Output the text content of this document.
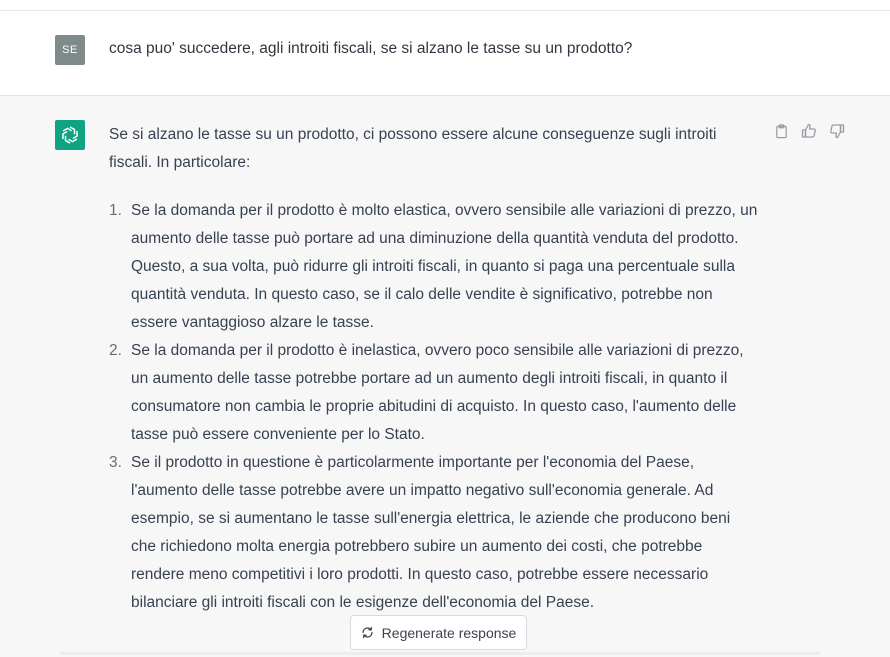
SE	cosa puo' succedere, agli introiti fiscali, se si alzano le tasse su un prodotto?

Se si alzano le tasse su un prodotto, ci possono essere alcune conseguenze sugli introiti fiscali. In particolare:

1. Se la domanda per il prodotto è molto elastica, ovvero sensibile alle variazioni di prezzo, un aumento delle tasse può portare ad una diminuzione della quantità venduta del prodotto. Questo, a sua volta, può ridurre gli introiti fiscali, in quanto si paga una percentuale sulla quantità venduta. In questo caso, se il calo delle vendite è significativo, potrebbe non essere vantaggioso alzare le tasse.
2. Se la domanda per il prodotto è inelastica, ovvero poco sensibile alle variazioni di prezzo, un aumento delle tasse potrebbe portare ad un aumento degli introiti fiscali, in quanto il consumatore non cambia le proprie abitudini di acquisto. In questo caso, l'aumento delle tasse può essere conveniente per lo Stato.
3. Se il prodotto in questione è particolarmente importante per l'economia del Paese, l'aumento delle tasse potrebbe avere un impatto negativo sull'economia generale. Ad esempio, se si aumentano le tasse sull'energia elettrica, le aziende che producono beni che richiedono molta energia potrebbero subire un aumento dei costi, che potrebbe rendere meno competitivi i loro prodotti. In questo caso, potrebbe essere necessario bilanciare gli introiti fiscali con le esigenze dell'economia del Paese.
Regenerate response
